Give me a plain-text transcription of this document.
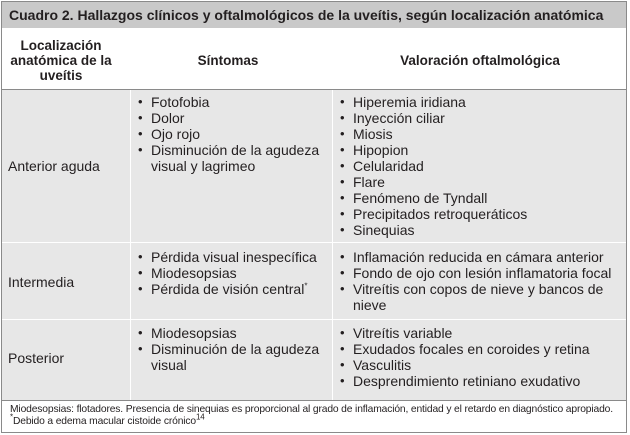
Cuadro 2. Hallazgos clínicos y oftalmológicos de la uveítis, según localización anatómica
Localización anatómica de la uveítis
Síntomas	Valoración oftalmológica
Anterior aguda
• Fotofobia
• Dolor
• Ojo rojo
• Disminución de la agudeza visual y lagrimeo
• Hiperemia iridiana
• Inyección ciliar
• Miosis
• Hipopion
• Celularidad
• Flare
• Fenómeno de Tyndall
• Precipitados retroqueráticos
• Sinequias
Intermedia
• Pérdida visual inespecífica
• Miodesopsias
• Pérdida de visión central*
• Inflamación reducida en cámara anterior
• Fondo de ojo con lesión inflamatoria focal
• Vitreítis con copos de nieve y bancos de nieve
Posterior
• Miodesopsias
• Disminución de la agudeza visual
• Vitreítis variable
• Exudados focales en coroides y retina
• Vasculitis
• Desprendimiento retiniano exudativo
Miodesopsias: flotadores. Presencia de sinequias es proporcional al grado de inflamación, entidad y el retardo en diagnóstico apropiado. *Debido a edema macular cistoide crónico$^{14}$
